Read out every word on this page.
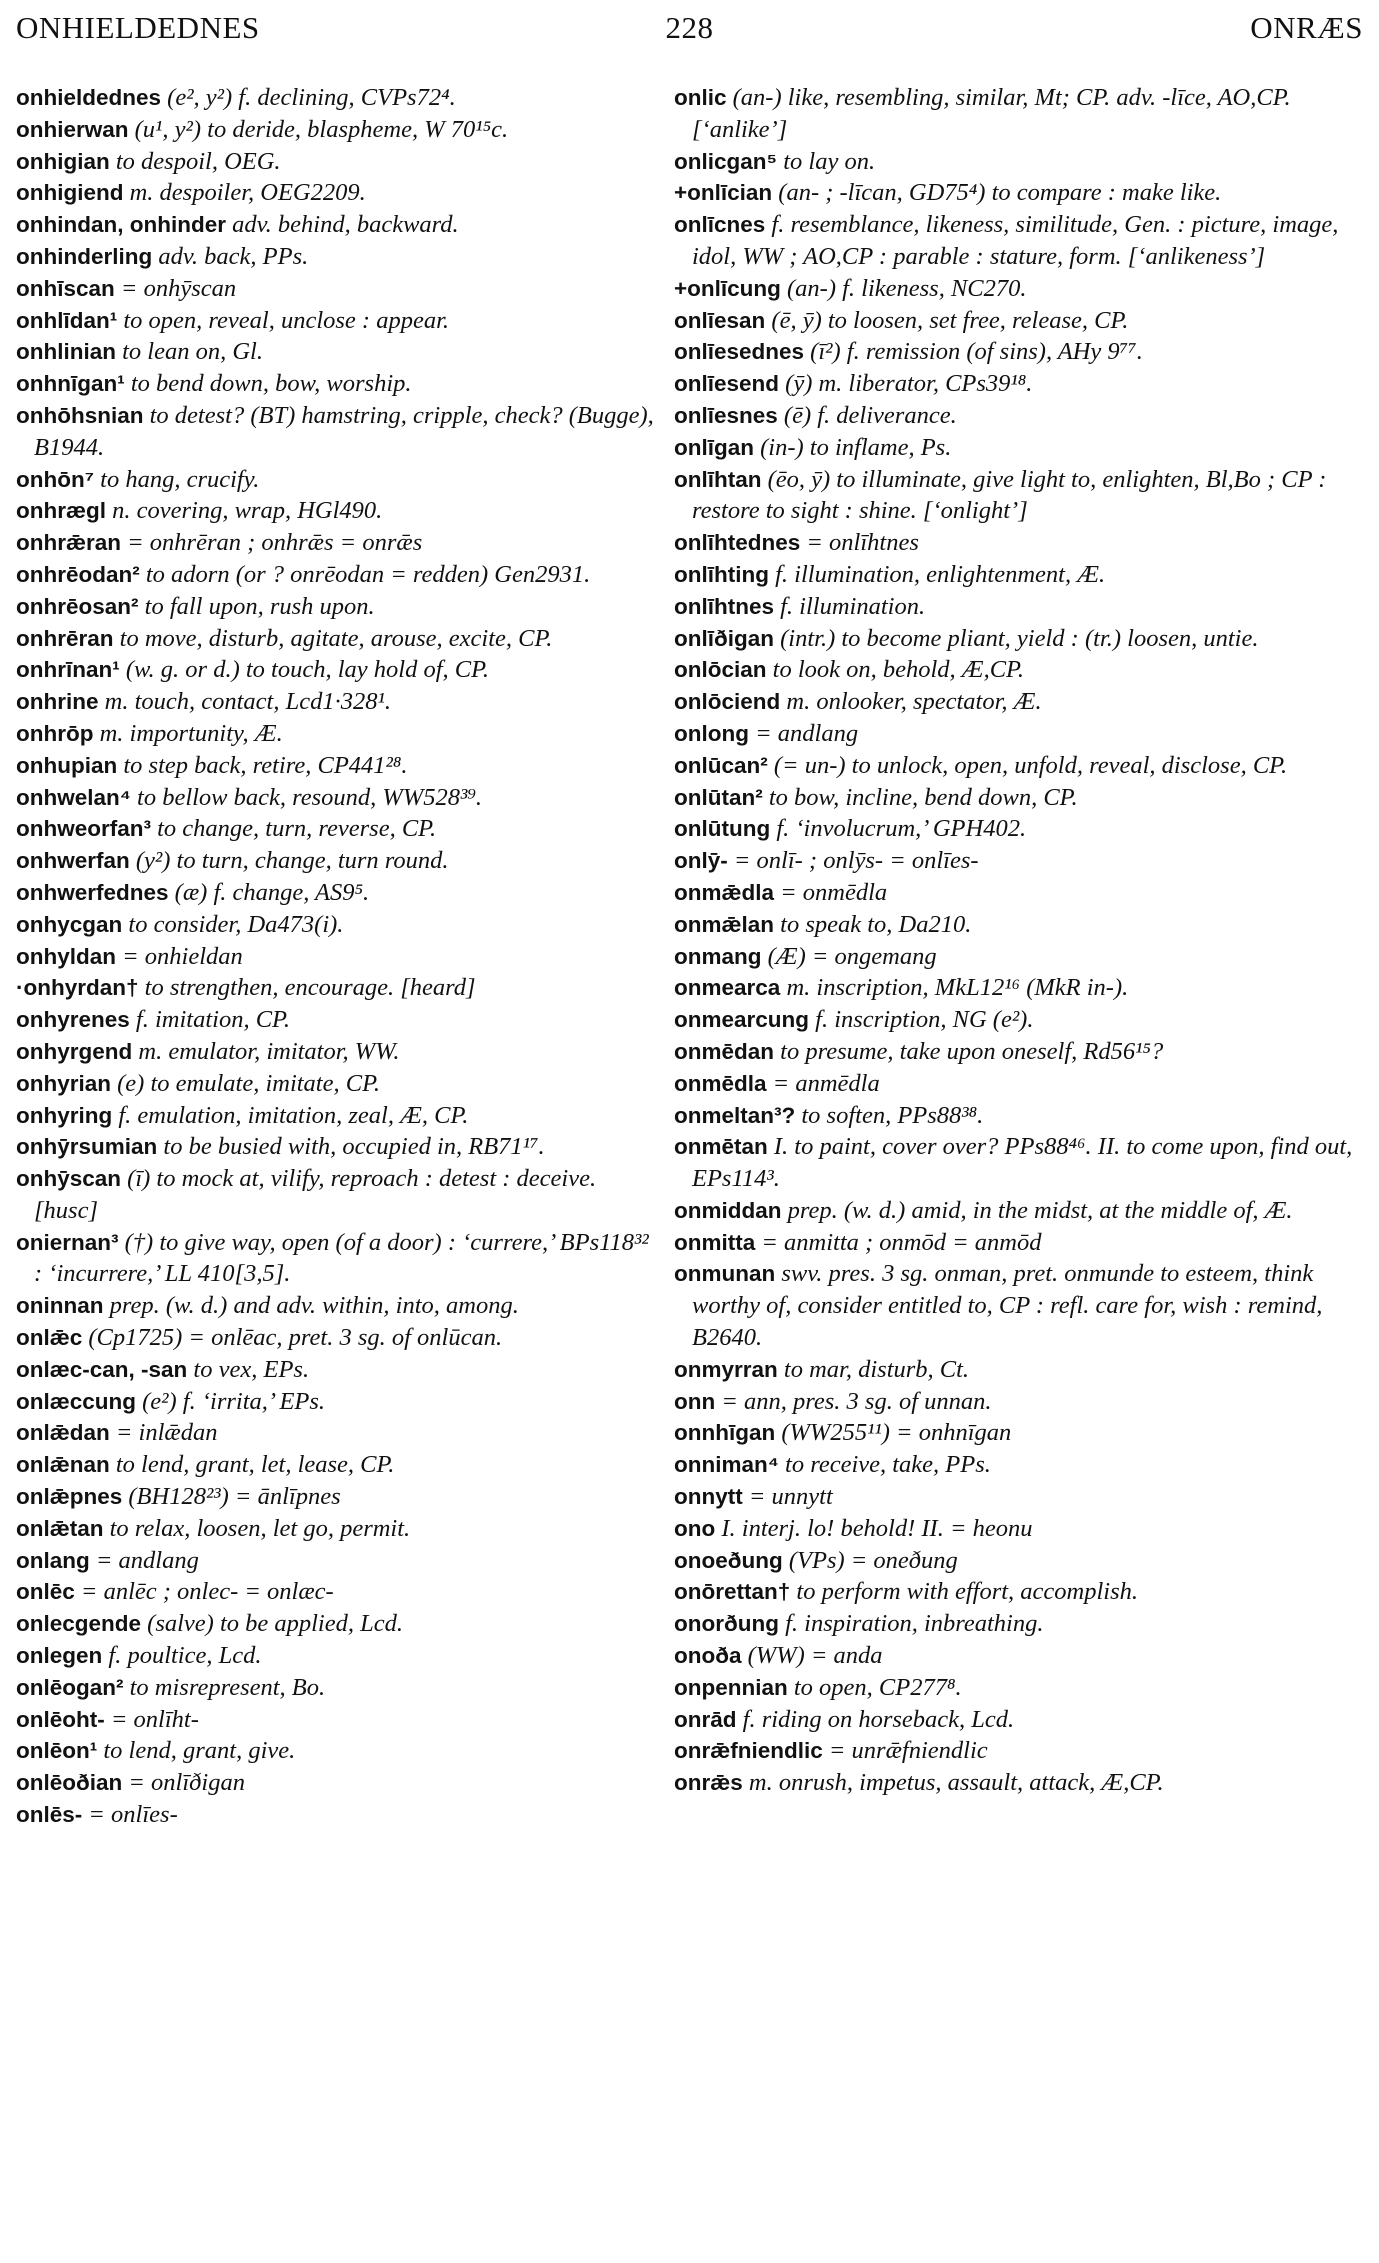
ONHIELDEDNES	228	ONRÆS
onhieldednes (e², y²) f. declining, CVPs72⁴.
onhierwan (u¹, y²) to deride, blaspheme, W 70¹⁵c.
onhigian to despoil, OEG.
onhigiend m. despoiler, OEG2209.
onhindan, onhinder adv. behind, backward.
onhinderling adv. back, PPs.
onhīscan = onhȳscan
onhlīdan¹ to open, reveal, unclose : appear.
onhlinian to lean on, Gl.
onhnīgan¹ to bend down, bow, worship.
onhōhsnian to detest? (BT) hamstring, cripple, check? (Bugge), B1944.
onhōn⁷ to hang, crucify.
onhrægl n. covering, wrap, HGl490.
onhrǣran = onhrēran ; onhrǣs = onrǣs
onhrēodan² to adorn (or ? onrēodan = redden) Gen2931.
onhrēosan² to fall upon, rush upon.
onhrēran to move, disturb, agitate, arouse, excite, CP.
onhrīnan¹ (w. g. or d.) to touch, lay hold of, CP.
onhrine m. touch, contact, Lcd1·328¹.
onhrōp m. importunity, Æ.
onhupian to step back, retire, CP441²⁸.
onhwelan⁴ to bellow back, resound, WW528³⁹.
onhweorfan³ to change, turn, reverse, CP.
onhwerfan (y²) to turn, change, turn round.
onhwerfednes (æ) f. change, AS9⁵.
onhycgan to consider, Da473(i).
onhyldan = onhieldan
·onhyrdan† to strengthen, encourage. [heard]
onhyrenes f. imitation, CP.
onhyrgend m. emulator, imitator, WW.
onhyrian (e) to emulate, imitate, CP.
onhyring f. emulation, imitation, zeal, Æ, CP.
onhȳrsumian to be busied with, occupied in, RB71¹⁷.
onhȳscan (ī) to mock at, vilify, reproach : detest : deceive. [husc]
oniernan³ (†) to give way, open (of a door) : ‘currere,’ BPs118³² : ‘incurrere,’ LL 410[3,5].
oninnan prep. (w. d.) and adv. within, into, among.
onlǣc (Cp1725) = onlēac, pret. 3 sg. of onlūcan.
onlæc-can, -san to vex, EPs.
onlæccung (e²) f. ‘irrita,’ EPs.
onlǣdan = inlǣdan
onlǣnan to lend, grant, let, lease, CP.
onlǣpnes (BH128²³) = ānlīpnes
onlǣtan to relax, loosen, let go, permit.
onlang = andlang
onlēc = anlēc ; onlec- = onlæc-
onlecgende (salve) to be applied, Lcd.
onlegen f. poultice, Lcd.
onlēogan² to misrepresent, Bo.
onlēoht- = onlīht-
onlēon¹ to lend, grant, give.
onlēoðian = onlīðigan
onlēs- = onlīes-
onlic (an-) like, resembling, similar, Mt; CP. adv. -līce, AO,CP. [‘anlike’]
onlicgan⁵ to lay on.
+onlīcian (an- ; -līcan, GD75⁴) to compare : make like.
onlīcnes f. resemblance, likeness, similitude, Gen. : picture, image, idol, WW ; AO,CP : parable : stature, form. [‘anlikeness’]
+onlīcung (an-) f. likeness, NC270.
onlīesan (ē, ȳ) to loosen, set free, release, CP.
onlīesednes (ī²) f. remission (of sins), AHy 9⁷⁷.
onlīesend (ȳ) m. liberator, CPs39¹⁸.
onlīesnes (ē) f. deliverance.
onlīgan (in-) to inflame, Ps.
onlīhtan (ēo, ȳ) to illuminate, give light to, enlighten, Bl,Bo ; CP : restore to sight : shine. [‘onlight’]
onlīhtednes = onlīhtnes
onlīhting f. illumination, enlightenment, Æ.
onlīhtnes f. illumination.
onlīðigan (intr.) to become pliant, yield : (tr.) loosen, untie.
onlōcian to look on, behold, Æ,CP.
onlōciend m. onlooker, spectator, Æ.
onlong = andlang
onlūcan² (= un-) to unlock, open, unfold, reveal, disclose, CP.
onlūtan² to bow, incline, bend down, CP.
onlūtung f. ‘involucrum,’ GPH402.
onlȳ- = onlī- ; onlȳs- = onlīes-
onmǣdla = onmēdla
onmǣlan to speak to, Da210.
onmang (Æ) = ongemang
onmearca m. inscription, MkL12¹⁶ (MkR in-).
onmearcung f. inscription, NG (e²).
onmēdan to presume, take upon oneself, Rd56¹⁵?
onmēdla = anmēdla
onmeltan³? to soften, PPs88³⁸.
onmētan I. to paint, cover over? PPs88⁴⁶. II. to come upon, find out, EPs114³.
onmiddan prep. (w. d.) amid, in the midst, at the middle of, Æ.
onmitta = anmitta ; onmōd = anmōd
onmunan swv. pres. 3 sg. onman, pret. onmunde to esteem, think worthy of, consider entitled to, CP : refl. care for, wish : remind, B2640.
onmyrran to mar, disturb, Ct.
onn = ann, pres. 3 sg. of unnan.
onnhīgan (WW255¹¹) = onhnīgan
onniman⁴ to receive, take, PPs.
onnytt = unnytt
ono I. interj. lo! behold! II. = heonu
onoeðung (VPs) = oneðung
onōrettan† to perform with effort, accomplish.
onorðung f. inspiration, inbreathing.
onoða (WW) = anda
onpennian to open, CP277⁸.
onrād f. riding on horseback, Lcd.
onrǣfniendlic = unrǣfniendlic
onrǣs m. onrush, impetus, assault, attack, Æ,CP.
